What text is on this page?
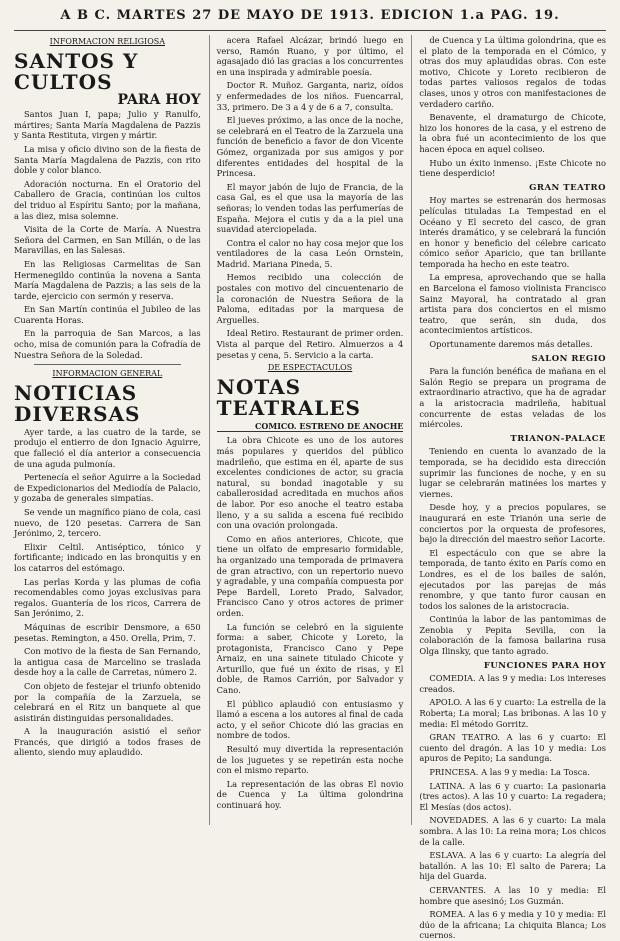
A B C. MARTES 27 DE MAYO DE 1913. EDICION 1.a PAG. 19.
INFORMACION RELIGIOSA
SANTOS Y CULTOS
PARA HOY

Santos Juan I, papa; Julio y Ranulfo, mártires; Santa María Magdalena de Pazzis y Santa Restituta, virgen y mártir.

La misa y oficio divino son de la fiesta de Santa María Magdalena de Pazzis, con rito doble y color blanco.

Adoración nocturna. En el Oratorio del Caballero de Gracia, continúan los cultos del triduo al Espíritu Santo; por la mañana, a las diez, misa solemne.

Visita de la Corte de María. A Nuestra Señora del Carmen, en San Millán, o de las Maravillas, en las Salesas.

En las Religiosas Carmelitas de San Hermenegildo continúa la novena a Santa María Magdalena de Pazzis; a las seis de la tarde, ejercicio con sermón y reserva.

En San Martín continúa el Jubileo de las Cuarenta Horas.

En la parroquia de San Marcos, a las ocho, misa de comunión para la Cofradía de Nuestra Señora de la Soledad.

INFORMACION GENERAL
NOTICIAS DIVERSAS

Ayer tarde, a las cuatro de la tarde, se produjo el entierro de don Ignacio Aguirre, que falleció el día anterior a consecuencia de una aguda pulmonía.

Pertenecía el señor Aguirre a la Sociedad de Expedicionarios del Mediodía de Palacio, y gozaba de generales simpatías.

Se vende un magnífico piano de cola, casi nuevo, de 120 pesetas. Carrera de San Jerónimo, 2, tercero.

Elixir Celtil. Antiséptico, tónico y fortificante; indicado en las bronquitis y en los catarros del estómago.

Las perlas Korda y las plumas de cofia recomendables como joyas exclusivas para regalos. Guantería de los ricos, Carrera de San Jerónimo, 2.

Máquinas de escribir Densmore, a 650 pesetas. Remington, a 450. Orella, Prim, 7.

Con motivo de la fiesta de San Fernando, la antigua casa de Marcelino se traslada desde hoy a la calle de Carretas, número 2.

Con objeto de festejar el triunfo obtenido por la compañía de la Zarzuela, se celebrará en el Ritz un banquete al que asistirán distinguidas personalidades.

A la inauguración asistió el señor Francés, que dirigió a todos frases de aliento, siendo muy aplaudido.

acera Rafael Alcázar, brindó luego en verso, Ramón Ruano, y por último, el agasajado dió las gracias a los concurrentes en una inspirada y admirable poesía.

Doctor R. Muñoz. Garganta, nariz, oídos y enfermedades de los niños. Fuencarral, 33, primero. De 3 a 4 y de 6 a 7, consulta.

El jueves próximo, a las once de la noche, se celebrará en el Teatro de la Zarzuela una función de beneficio a favor de don Vicente Gómez, organizada por sus amigos y por diferentes entidades del hospital de la Princesa.

El mayor jabón de lujo de Francia, de la casa Gal, es el que usa la mayoría de las señoras; lo venden todas las perfumerías de España. Mejora el cutis y da a la piel una suavidad aterciopelada.

Contra el calor no hay cosa mejor que los ventiladores de la casa León Ornstein, Madrid. Mariana Pineda, 5.

Hemos recibido una colección de postales con motivo del cincuentenario de la coronación de Nuestra Señora de la Paloma, editadas por la marquesa de Arguelles.

Ideal Retiro. Restaurant de primer orden. Vista al parque del Retiro. Almuerzos a 4 pesetas y cena, 5. Servicio a la carta.

DE ESPECTACULOS
NOTAS TEATRALES
COMICO. ESTRENO DE ANOCHE

La obra Chicote es uno de los autores más populares y queridos del público madrileño, que estima en él, aparte de sus excelentes condiciones de actor, su gracia natural, su bondad inagotable y su caballerosidad acreditada en muchos años de labor. Por eso anoche el teatro estaba lleno, y a su salida a escena fué recibido con una ovación prolongada.

Como en años anteriores, Chicote, que tiene un olfato de empresario formidable, ha organizado una temporada de primavera de gran atractivo, con un repertorio nuevo y agradable, y una compañía compuesta por Pepe Bardell, Loreto Prado, Salvador, Francisco Cano y otros actores de primer orden.

La función se celebró en la siguiente forma: a saber, Chicote y Loreto, la protagonista, Francisco Cano y Pepe Arnaiz, en una sainete titulado Chicote y Arturillo, que fué un éxito de risas, y El doble, de Ramos Carrión, por Salvador y Cano.

El público aplaudió con entusiasmo y llamó a escena a los autores al final de cada acto, y el señor Chicote dió las gracias en nombre de todos.

Resultó muy divertida la representación de los juguetes y se repetirán esta noche con el mismo reparto.

La representación de las obras El novio de Cuenca y La última golondrina continuará hoy.

de Cuenca y La última golondrina, que es el plato de la temporada en el Cómico, y otras dos muy aplaudidas obras. Con este motivo, Chicote y Loreto recibieron de todas partes valiosos regalos de todas clases, unos y otros con manifestaciones de verdadero cariño.

Benavente, el dramaturgo de Chicote, hizo los honores de la casa, y el estreno de la obra fué un acontecimiento de los que hacen época en aquel coliseo.

Hubo un éxito inmenso. ¡Este Chicote no tiene desperdicio!

GRAN TEATRO

Hoy martes se estrenarán dos hermosas películas tituladas La Tempestad en el Océano y El secreto del casco, de gran interés dramático, y se celebrará la función en honor y beneficio del célebre caricato cómico señor Aparicio, que tan brillante temporada ha hecho en este teatro.

La empresa, aprovechando que se halla en Barcelona el famoso violinista Francisco Sainz Mayoral, ha contratado al gran artista para dos conciertos en el mismo teatro, que serán, sin duda, dos acontecimientos artísticos.

Oportunamente daremos más detalles.

SALON REGIO

Para la función benéfica de mañana en el Salón Regio se prepara un programa de extraordinario atractivo, que ha de agradar a la aristocracia madrileña, habitual concurrente de estas veladas de los miércoles.

TRIANON-PALACE

Teniendo en cuenta lo avanzado de la temporada, se ha decidido esta dirección suprimir las funciones de noche, y en su lugar se celebrarán matinées los martes y viernes.

Desde hoy, y a precios populares, se inaugurará en este Trianón una serie de conciertos por la orquesta de profesores, bajo la dirección del maestro señor Lacorte.

El espectáculo con que se abre la temporada, de tanto éxito en París como en Londres, es el de los bailes de salón, ejecutados por las parejas de más renombre, y que tanto furor causan en todos los salones de la aristocracia.

Continúa la labor de las pantomimas de Zenobia y Pepita Sevilla, con la colaboración de la famosa bailarina rusa Olga Ilinsky, que tanto agrado.

FUNCIONES PARA HOY

COMEDIA. A las 9 y media: Los intereses creados.

APOLO. A las 6 y cuarto: La estrella de la Roberta; La moral; Las bribonas. A las 10 y media: El método Gorritz.

GRAN TEATRO. A las 6 y cuarto: El cuento del dragón. A las 10 y media: Los apuros de Pepito; La sandunga.

PRINCESA. A las 9 y media: La Tosca.

LATINA. A las 6 y cuarto: La pasionaria (tres actos). A las 10 y cuarto: La regadera; El Mesías (dos actos).

NOVEDADES. A las 6 y cuarto: La mala sombra. A las 10: La reina mora; Los chicos de la calle.

ESLAVA. A las 6 y cuarto: La alegría del batallón. A las 10: El salto de Parera; La hija del Guarda.

CERVANTES. A las 10 y media: El hombre que asesinó; Los Guzmán.

ROMEA. A las 6 y media y 10 y media: El dúo de la africana; La chiquita Blanca; Los cuernos.
